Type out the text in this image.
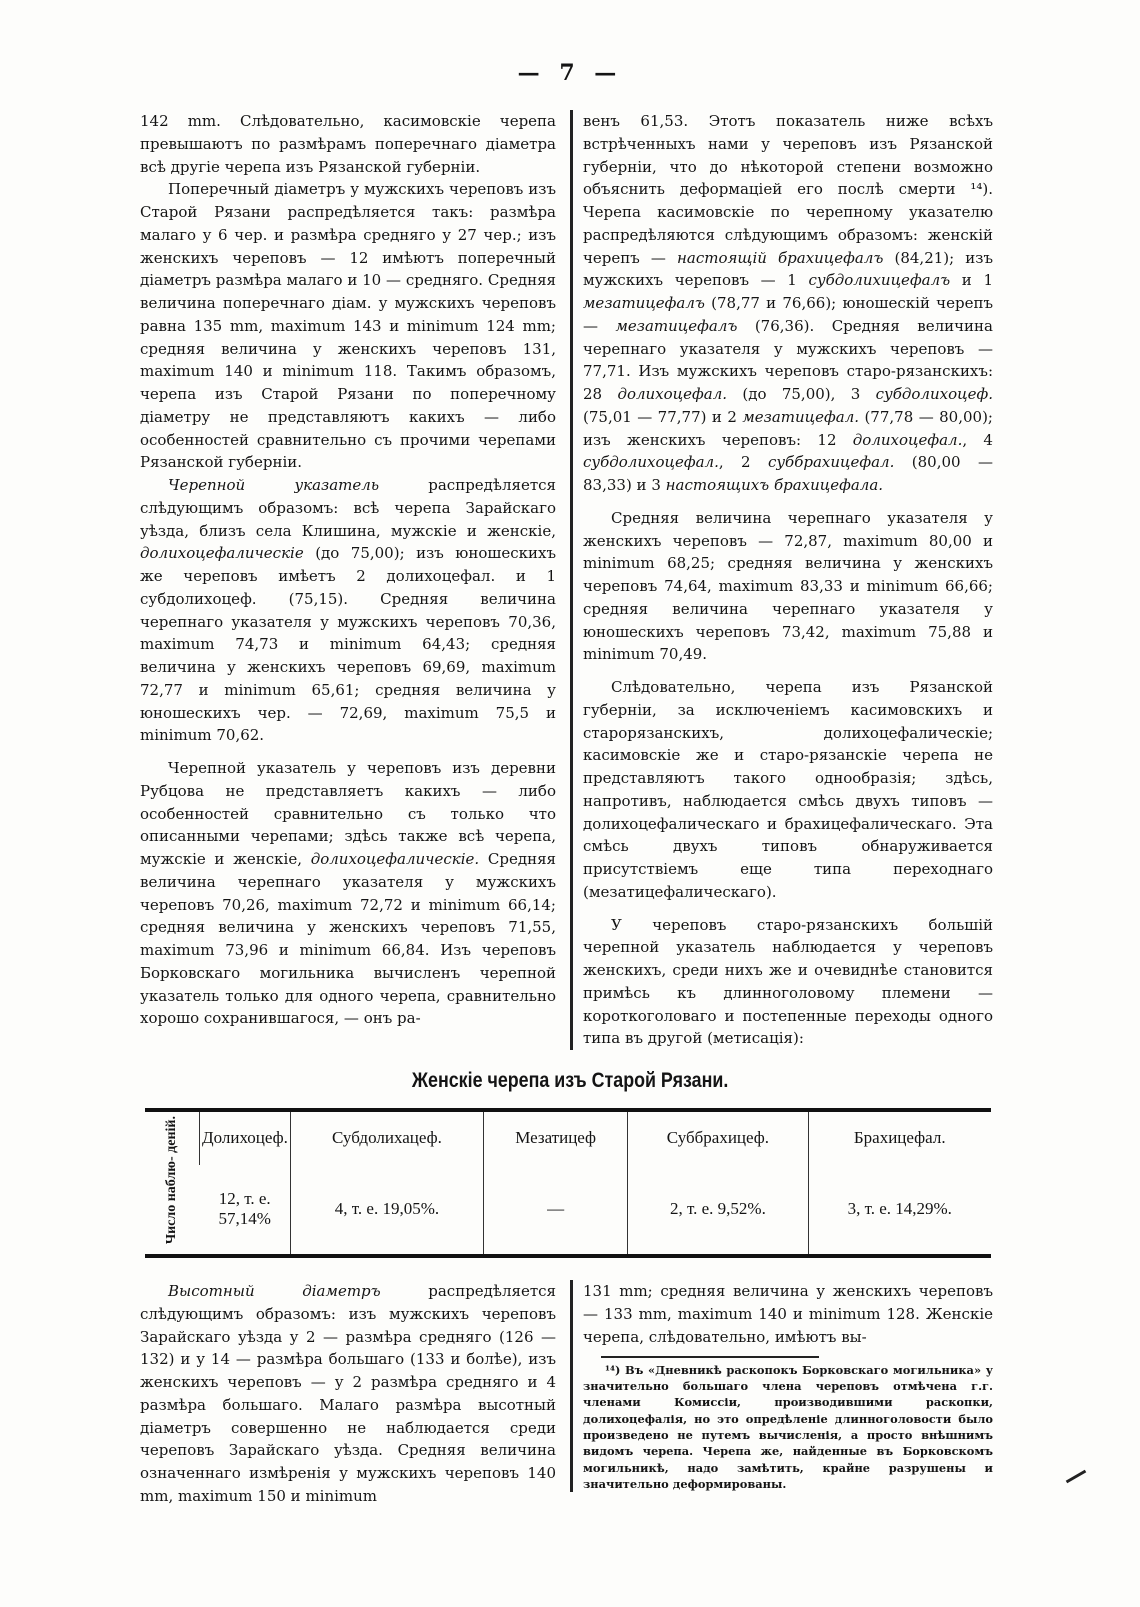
— 7 —

142 mm. Слѣдовательно, касимовскіе черепа превышаютъ по размѣрамъ поперечнаго діаметра всѣ другіе черепа изъ Рязанской губерніи.

Поперечный діаметръ у мужскихъ череповъ изъ Старой Рязани распредѣляется такъ: размѣра малаго у 6 чер. и размѣра средняго у 27 чер.; изъ женскихъ череповъ — 12 имѣютъ поперечный діаметръ размѣра малаго и 10 — средняго. Средняя величина поперечнаго діам. у мужскихъ череповъ равна 135 mm, maximum 143 и minimum 124 mm; средняя величина у женскихъ череповъ 131, maximum 140 и minimum 118. Такимъ образомъ, черепа изъ Старой Рязани по поперечному діаметру не представляютъ какихъ — либо особенностей сравнительно съ прочими черепами Рязанской губерніи.

Черепной указатель распредѣляется слѣдующимъ образомъ: всѣ черепа Зарайскаго уѣзда, близъ села Клишина, мужскіе и женскіе, долихоцефалическіе (до 75,00); изъ юношескихъ же череповъ имѣетъ 2 долихоцефал. и 1 субдолихоцеф. (75,15). Средняя величина черепнаго указателя у мужскихъ череповъ 70,36, maximum 74,73 и minimum 64,43; средняя величина у женскихъ череповъ 69,69, maximum 72,77 и minimum 65,61; средняя величина у юношескихъ чер. — 72,69, maximum 75,5 и minimum 70,62.

Черепной указатель у череповъ изъ деревни Рубцова не представляетъ какихъ — либо особенностей сравнительно съ только что описанными черепами; здѣсь также всѣ черепа, мужскіе и женскіе, долихоцефалическіе. Средняя величина черепнаго указателя у мужскихъ череповъ 70,26, maximum 72,72 и minimum 66,14; средняя величина у женскихъ череповъ 71,55, maximum 73,96 и minimum 66,84. Изъ череповъ Борковскаго могильника вычисленъ черепной указатель только для одного черепа, сравнительно хорошо сохранившагося, — онъ ра-

венъ 61,53. Этотъ показатель ниже всѣхъ встрѣченныхъ нами у череповъ изъ Рязанской губерніи, что до нѣкоторой степени возможно объяснить деформаціей его послѣ смерти ¹⁴). Черепа касимовскіе по черепному указателю распредѣляются слѣдующимъ образомъ: женскій черепъ — настоящій брахицефалъ (84,21); изъ мужскихъ череповъ — 1 субдолихицефалъ и 1 мезатицефалъ (78,77 и 76,66); юношескій черепъ — мезатицефалъ (76,36). Средняя величина черепнаго указателя у мужскихъ череповъ — 77,71. Изъ мужскихъ череповъ старо-рязанскихъ: 28 долихоцефал. (до 75,00), 3 субдолихоцеф. (75,01 — 77,77) и 2 мезатицефал. (77,78 — 80,00); изъ женскихъ череповъ: 12 долихоцефал., 4 субдолихоцефал., 2 суббрахицефал. (80,00 — 83,33) и 3 настоящихъ брахицефала.

Средняя величина черепнаго указателя у женскихъ череповъ — 72,87, maximum 80,00 и minimum 68,25; средняя величина у женскихъ череповъ 74,64, maximum 83,33 и minimum 66,66; средняя величина черепнаго указателя у юношескихъ череповъ 73,42, maximum 75,88 и minimum 70,49.

Слѣдовательно, черепа изъ Рязанской губерніи, за исключеніемъ касимовскихъ и старорязанскихъ, долихоцефалическіе; касимовскіе же и старо-рязанскіе черепа не представляютъ такого однообразія; здѣсь, напротивъ, наблюдается смѣсь двухъ типовъ — долихоцефалическаго и брахицефалическаго. Эта смѣсь двухъ типовъ обнаруживается присутствіемъ еще типа переходнаго (мезатицефалическаго).

У череповъ старо-рязанскихъ большій черепной указатель наблюдается у череповъ женскихъ, среди нихъ же и очевиднѣе становится примѣсь къ длинноголовому племени — короткоголоваго и постепенные переходы одного типа въ другой (метисація):

Женскіе черепа изъ Старой Рязани.
Число наблю- деній.	Долихоцеф.	Субдолихацеф.	Мезатицеф	Суббрахицеф.	Брахицефал.
	12, т. е. 57,14%	4, т. е. 19,05%.	—	2, т. е. 9,52%.	3, т. е. 14,29%.

Высотный діаметръ распредѣляется слѣдующимъ образомъ: изъ мужскихъ череповъ Зарайскаго уѣзда у 2 — размѣра средняго (126 — 132) и у 14 — размѣра большаго (133 и болѣе), изъ женскихъ череповъ — у 2 размѣра средняго и 4 размѣра большаго. Малаго размѣра высотный діаметръ совершенно не наблюдается среди череповъ Зарайскаго уѣзда. Средняя величина означеннаго измѣренія у мужскихъ череповъ 140 mm, maximum 150 и minimum

131 mm; средняя величина у женскихъ череповъ — 133 mm, maximum 140 и minimum 128. Женскіе черепа, слѣдовательно, имѣютъ вы-

¹⁴) Въ «Дневникѣ раскопокъ Борковскаго могильника» у значительно большаго члена череповъ отмѣчена г.г. членами Комиссіи, производившими раскопки, долихоцефалія, но это опредѣленіе длинноголовости было произведено не путемъ вычисленія, а просто внѣшнимъ видомъ черепа. Черепа же, найденные въ Борковскомъ могильникѣ, надо замѣтить, крайне разрушены и значительно деформированы.
